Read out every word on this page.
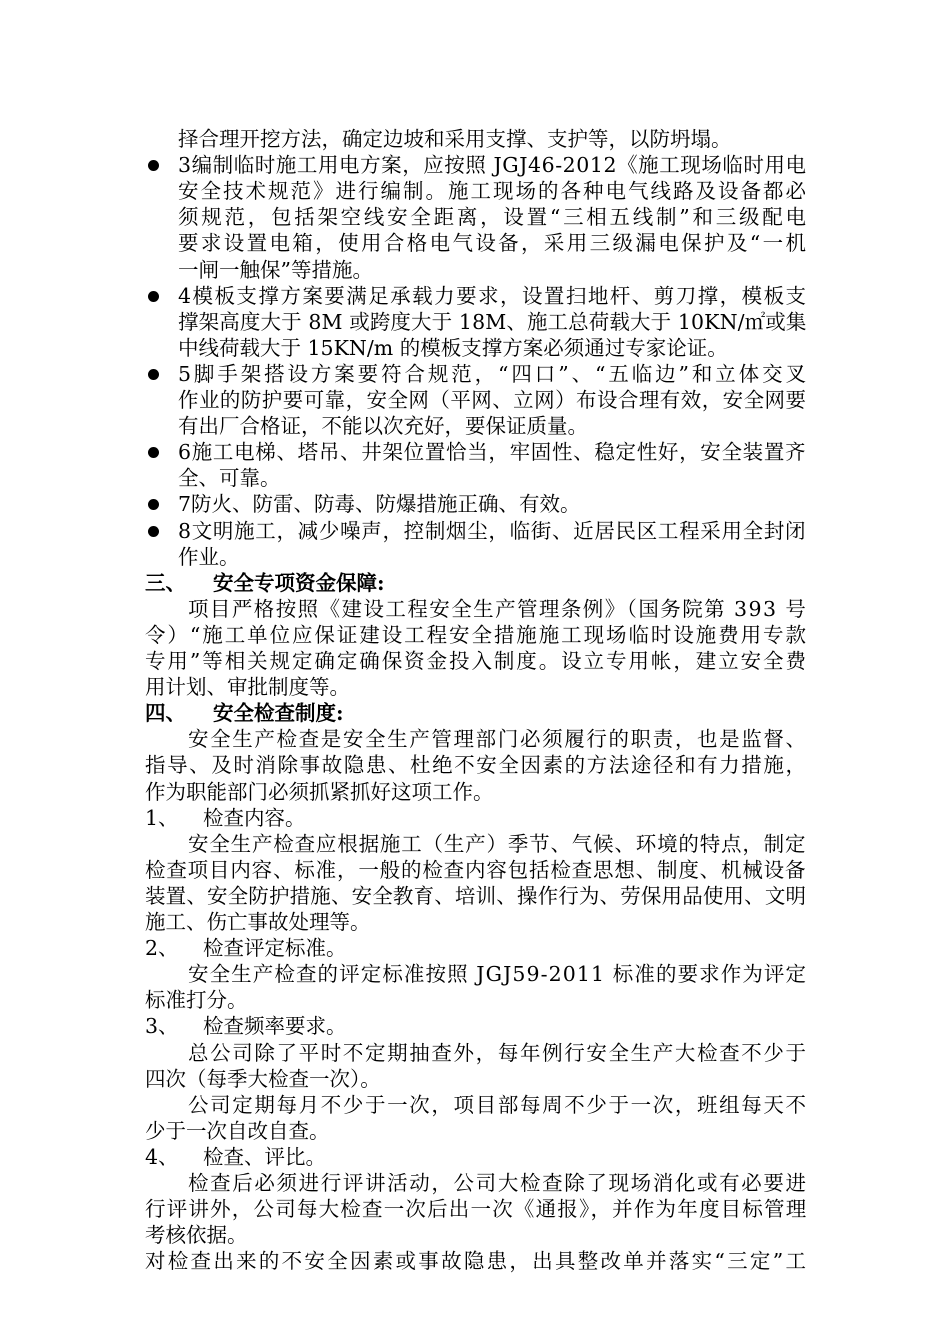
择合理开挖方法，确定边坡和采用支撑、支护等，以防坍塌。
3编制临时施工用电方案，应按照 JGJ46-2012《施工现场临时用电
安全技术规范》进行编制。施工现场的各种电气线路及设备都必
须规范，包括架空线安全距离，设置“三相五线制”和三级配电
要求设置电箱，使用合格电气设备，采用三级漏电保护及“一机
一闸一触保”等措施。
4模板支撑方案要满足承载力要求，设置扫地杆、剪刀撑，模板支
撑架高度大于 8M 或跨度大于 18M、施工总荷载大于 10KN/㎡或集
中线荷载大于 15KN/m 的模板支撑方案必须通过专家论证。
5脚手架搭设方案要符合规范，“四口”、“五临边”和立体交叉
作业的防护要可靠，安全网（平网、立网）布设合理有效，安全网要
有出厂合格证，不能以次充好，要保证质量。
6施工电梯、塔吊、井架位置恰当，牢固性、稳定性好，安全装置齐
全、可靠。
7防火、防雷、防毒、防爆措施正确、有效。
8文明施工，减少噪声，控制烟尘，临街、近居民区工程采用全封闭
作业。
三、 安全专项资金保障:
项目严格按照《建设工程安全生产管理条例》（国务院第 393 号
令）“施工单位应保证建设工程安全措施施工现场临时设施费用专款
专用”等相关规定确定确保资金投入制度。设立专用帐，建立安全费
用计划、审批制度等。
四、 安全检查制度:
安全生产检查是安全生产管理部门必须履行的职责，也是监督、
指导、及时消除事故隐患、杜绝不安全因素的方法途径和有力措施，
作为职能部门必须抓紧抓好这项工作。
1、 检查内容。
安全生产检查应根据施工（生产）季节、气候、环境的特点，制定
检查项目内容、标准，一般的检查内容包括检查思想、制度、机械设备
装置、安全防护措施、安全教育、培训、操作行为、劳保用品使用、文明
施工、伤亡事故处理等。
2、 检查评定标准。
安全生产检查的评定标准按照 JGJ59-2011 标准的要求作为评定
标准打分。
3、 检查频率要求。
总公司除了平时不定期抽查外，每年例行安全生产大检查不少于
四次（每季大检查一次）。
公司定期每月不少于一次，项目部每周不少于一次，班组每天不
少于一次自改自查。
4、 检查、评比。
检查后必须进行评讲活动，公司大检查除了现场消化或有必要进
行评讲外，公司每大检查一次后出一次《通报》，并作为年度目标管理
考核依据。
对检查出来的不安全因素或事故隐患，出具整改单并落实“三定”工
